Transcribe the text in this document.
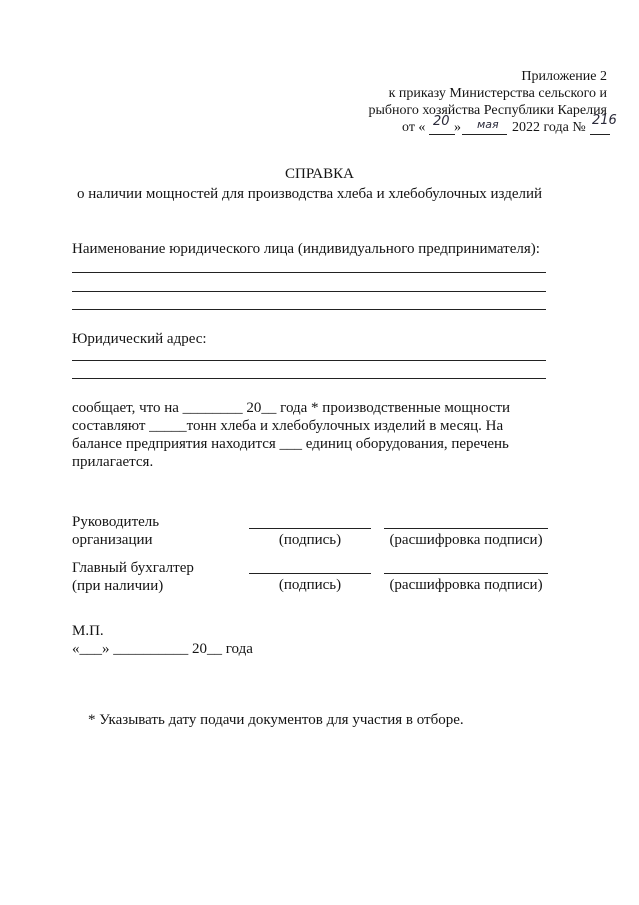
Приложение 2
к приказу Министерства сельского и
рыбного хозяйства Республики Карелия
от « 20 » мая 2022 года № 216
СПРАВКА
о наличии мощностей для производства хлеба и хлебобулочных изделий
Наименование юридического лица (индивидуального предпринимателя):
Юридический адрес:

сообщает, что на ________ 20__ года * производственные мощности

составляют _____тонн хлеба и хлебобулочных изделий в месяц. На

балансе предприятия находится ___ единиц оборудования, перечень

прилагается.

Руководитель
организации	(подпись)	(расшифровка подписи)
Главный бухгалтер
(при наличии)	(подпись)	(расшифровка подписи)
М.П.
«___» __________ 20__ года
* Указывать дату подачи документов для участия в отборе.
